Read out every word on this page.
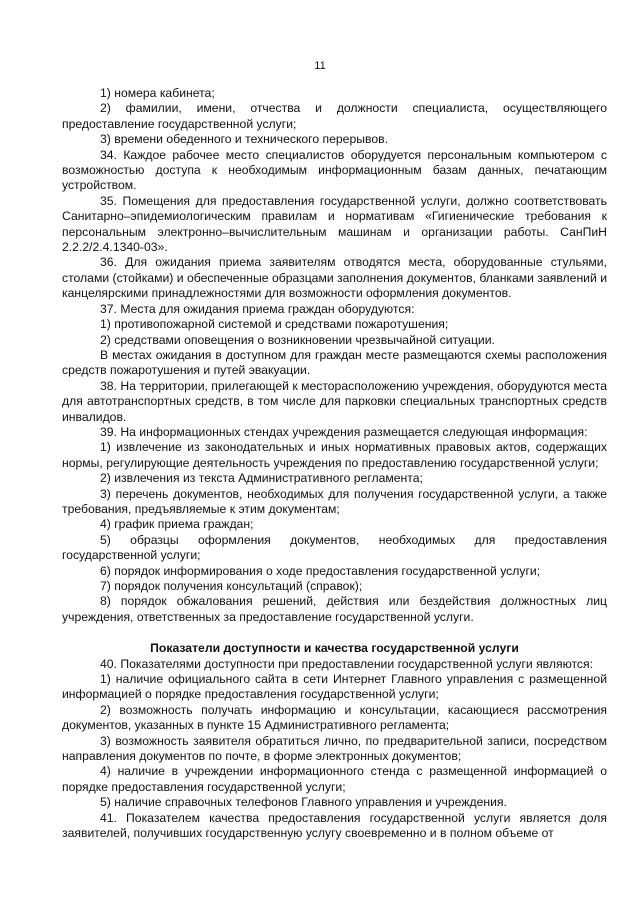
11

1) номера кабинета;

2) фамилии, имени, отчества и должности специалиста, осуществляющего предоставление государственной услуги;

3) времени обеденного и технического перерывов.

34. Каждое рабочее место специалистов оборудуется персональным компьютером с возможностью доступа к необходимым информационным базам данных, печатающим устройством.

35. Помещения для предоставления государственной услуги, должно соответствовать Санитарно–эпидемиологическим правилам и нормативам «Гигиенические требования к персональным электронно–вычислительным машинам и организации работы. СанПиН 2.2.2/2.4.1340-03».

36. Для ожидания приема заявителям отводятся места, оборудованные стульями, столами (стойками) и обеспеченные образцами заполнения документов, бланками заявлений и канцелярскими принадлежностями для возможности оформления документов.

37. Места для ожидания приема граждан оборудуются:

1) противопожарной системой и средствами пожаротушения;

2) средствами оповещения о возникновении чрезвычайной ситуации.

В местах ожидания в доступном для граждан месте размещаются схемы расположения средств пожаротушения и путей эвакуации.

38. На территории, прилегающей к месторасположению учреждения, оборудуются места для автотранспортных средств, в том числе для парковки специальных транспортных средств инвалидов.

39. На информационных стендах учреждения размещается следующая информация:

1) извлечение из законодательных и иных нормативных правовых актов, содержащих нормы, регулирующие деятельность учреждения по предоставлению государственной услуги;

2) извлечения из текста Административного регламента;

3) перечень документов, необходимых для получения государственной услуги, а также требования, предъявляемые к этим документам;

4) график приема граждан;

5) образцы оформления документов, необходимых для предоставления государственной услуги;

6) порядок информирования о ходе предоставления государственной услуги;

7) порядок получения консультаций (справок);

8) порядок обжалования решений, действия или бездействия должностных лиц учреждения, ответственных за предоставление государственной услуги.

Показатели доступности и качества государственной услуги

40. Показателями доступности при предоставлении государственной услуги являются:

1) наличие официального сайта в сети Интернет Главного управления с размещенной информацией о порядке предоставления государственной услуги;

2) возможность получать информацию и консультации, касающиеся рассмотрения документов, указанных в пункте 15 Административного регламента;

3) возможность заявителя обратиться лично, по предварительной записи, посредством направления документов по почте, в форме электронных документов;

4) наличие в учреждении информационного стенда с размещенной информацией о порядке предоставления государственной услуги;

5) наличие справочных телефонов Главного управления и учреждения.

41. Показателем качества предоставления государственной услуги является доля заявителей, получивших государственную услугу своевременно и в полном объеме от
